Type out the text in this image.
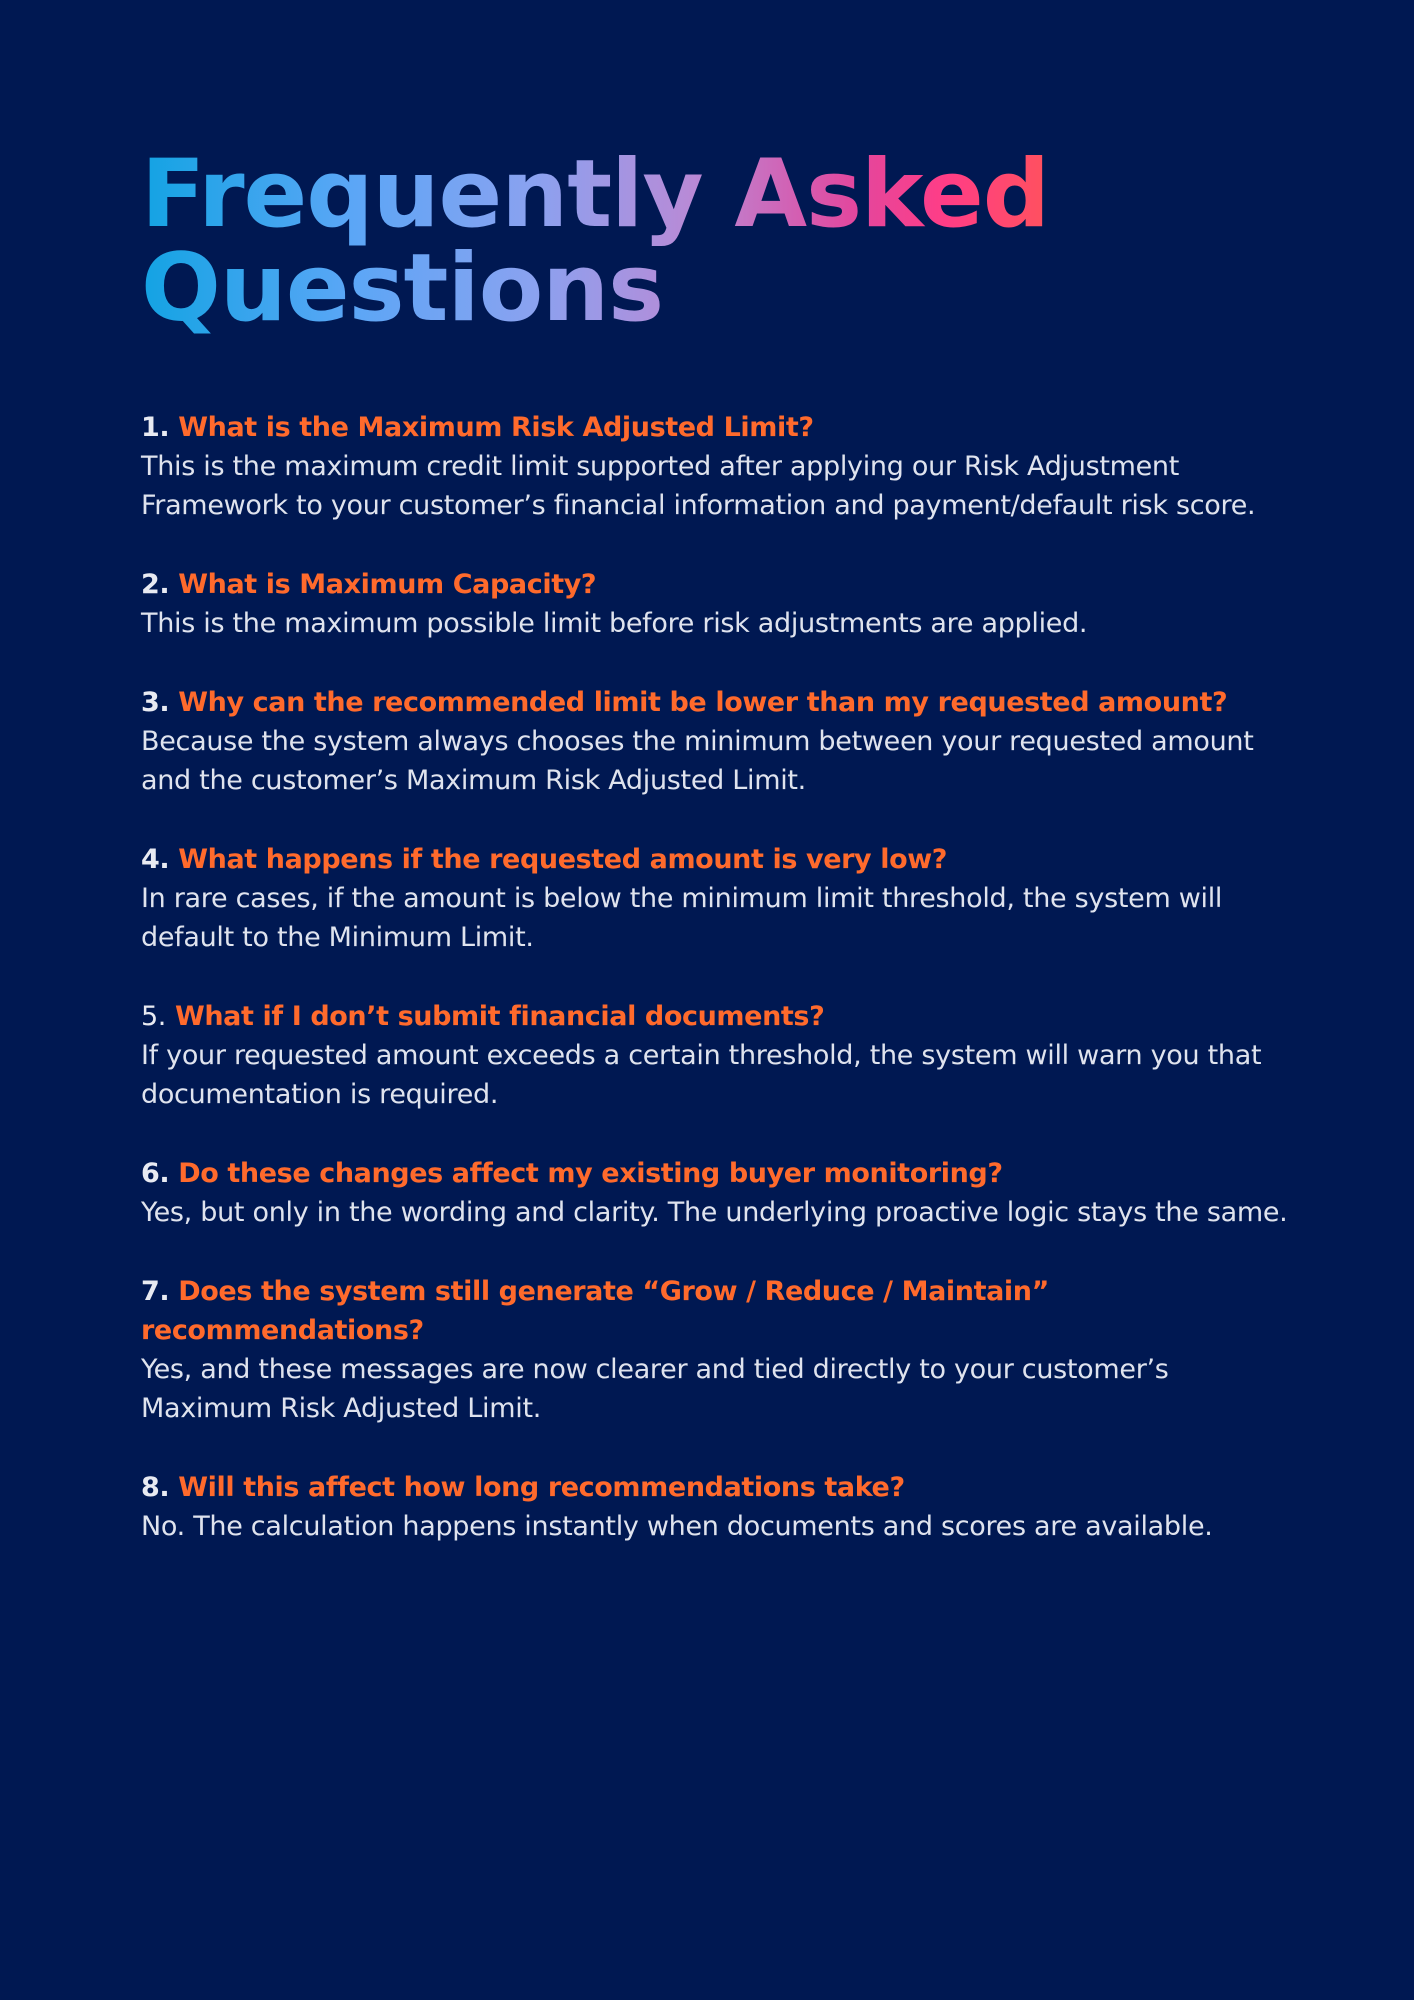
Frequently Asked Questions
1. What is the Maximum Risk Adjusted Limit?
This is the maximum credit limit supported after applying our Risk Adjustment Framework to your customer’s financial information and payment/default risk score.
2. What is Maximum Capacity?
This is the maximum possible limit before risk adjustments are applied.
3. Why can the recommended limit be lower than my requested amount?
Because the system always chooses the minimum between your requested amount and the customer’s Maximum Risk Adjusted Limit.
4. What happens if the requested amount is very low?
In rare cases, if the amount is below the minimum limit threshold, the system will default to the Minimum Limit.
5. What if I don’t submit financial documents?
If your requested amount exceeds a certain threshold, the system will warn you that documentation is required.
6. Do these changes affect my existing buyer monitoring?
Yes, but only in the wording and clarity. The underlying proactive logic stays the same.
7. Does the system still generate “Grow / Reduce / Maintain” recommendations?
Yes, and these messages are now clearer and tied directly to your customer’s Maximum Risk Adjusted Limit.
8. Will this affect how long recommendations take?
No. The calculation happens instantly when documents and scores are available.
